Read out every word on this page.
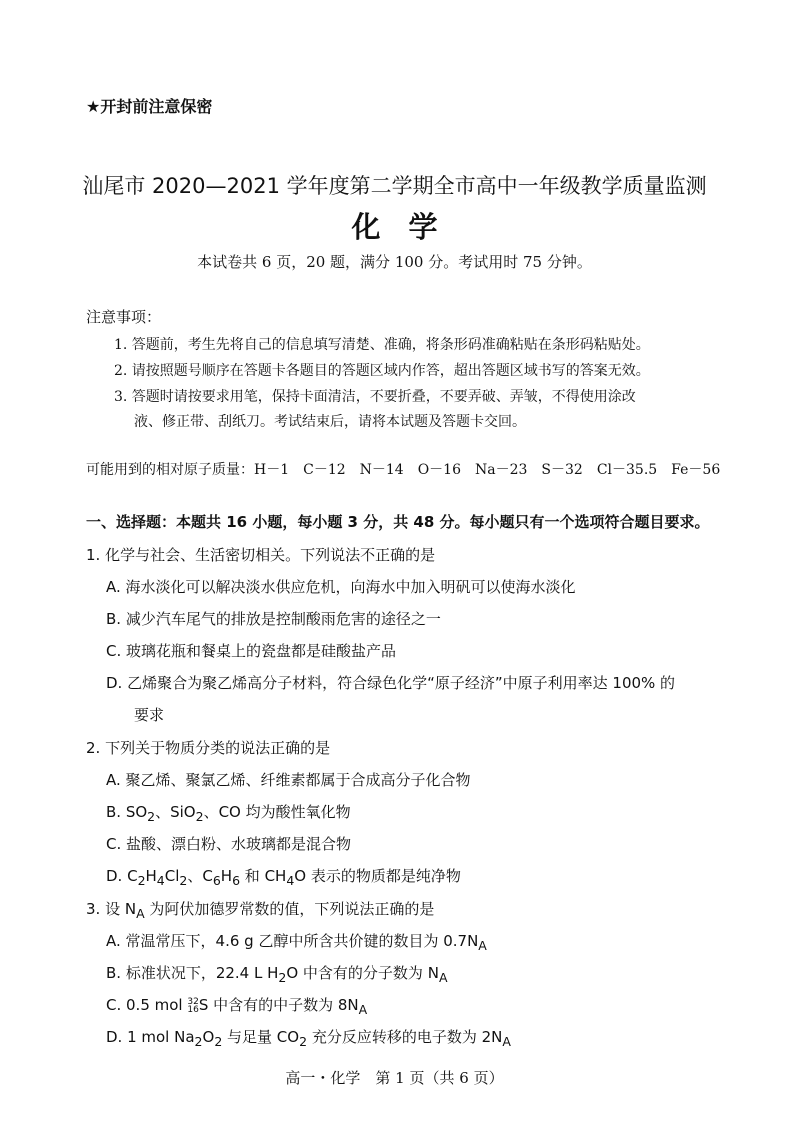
★开封前注意保密
汕尾市 2020—2021 学年度第二学期全市高中一年级教学质量监测
化学
本试卷共 6 页，20 题，满分 100 分。考试用时 75 分钟。
注意事项：
1. 答题前，考生先将自己的信息填写清楚、准确，将条形码准确粘贴在条形码粘贴处。
2. 请按照题号顺序在答题卡各题目的答题区域内作答，超出答题区域书写的答案无效。
3. 答题时请按要求用笔，保持卡面清洁，不要折叠，不要弄破、弄皱，不得使用涂改
液、修正带、刮纸刀。考试结束后，请将本试题及答题卡交回。
可能用到的相对原子质量：H－1　C－12　N－14　O－16　Na－23　S－32　Cl－35.5　Fe－56
一、选择题：本题共 16 小题，每小题 3 分，共 48 分。每小题只有一个选项符合题目要求。
1. 化学与社会、生活密切相关。下列说法不正确的是
A. 海水淡化可以解决淡水供应危机，向海水中加入明矾可以使海水淡化
B. 减少汽车尾气的排放是控制酸雨危害的途径之一
C. 玻璃花瓶和餐桌上的瓷盘都是硅酸盐产品
D. 乙烯聚合为聚乙烯高分子材料，符合绿色化学“原子经济”中原子利用率达 100% 的
要求
2. 下列关于物质分类的说法正确的是
A. 聚乙烯、聚氯乙烯、纤维素都属于合成高分子化合物
B. $SO_2$、SiO$_2$、CO 均为酸性氧化物
C. 盐酸、漂白粉、水玻璃都是混合物
D. $C_2H_4Cl_2$、$C_6H_6$ 和 $CH_4O$ 表示的物质都是纯净物
3. 设 $N_A$ 为阿伏加德罗常数的值，下列说法正确的是
A. 常温常压下，4.6 g 乙醇中所含共价键的数目为 $0.7N_A$
B. 标准状况下，22.4 L $H_2O$ 中含有的分子数为 $N_A$
C. 0.5 mol 32
16S 中含有的中子数为 $8N_A$
D. 1 mol $Na_2O_2$ 与足量 $CO_2$ 充分反应转移的电子数为 $2N_A$
高一・化学　第 1 页（共 6 页）
